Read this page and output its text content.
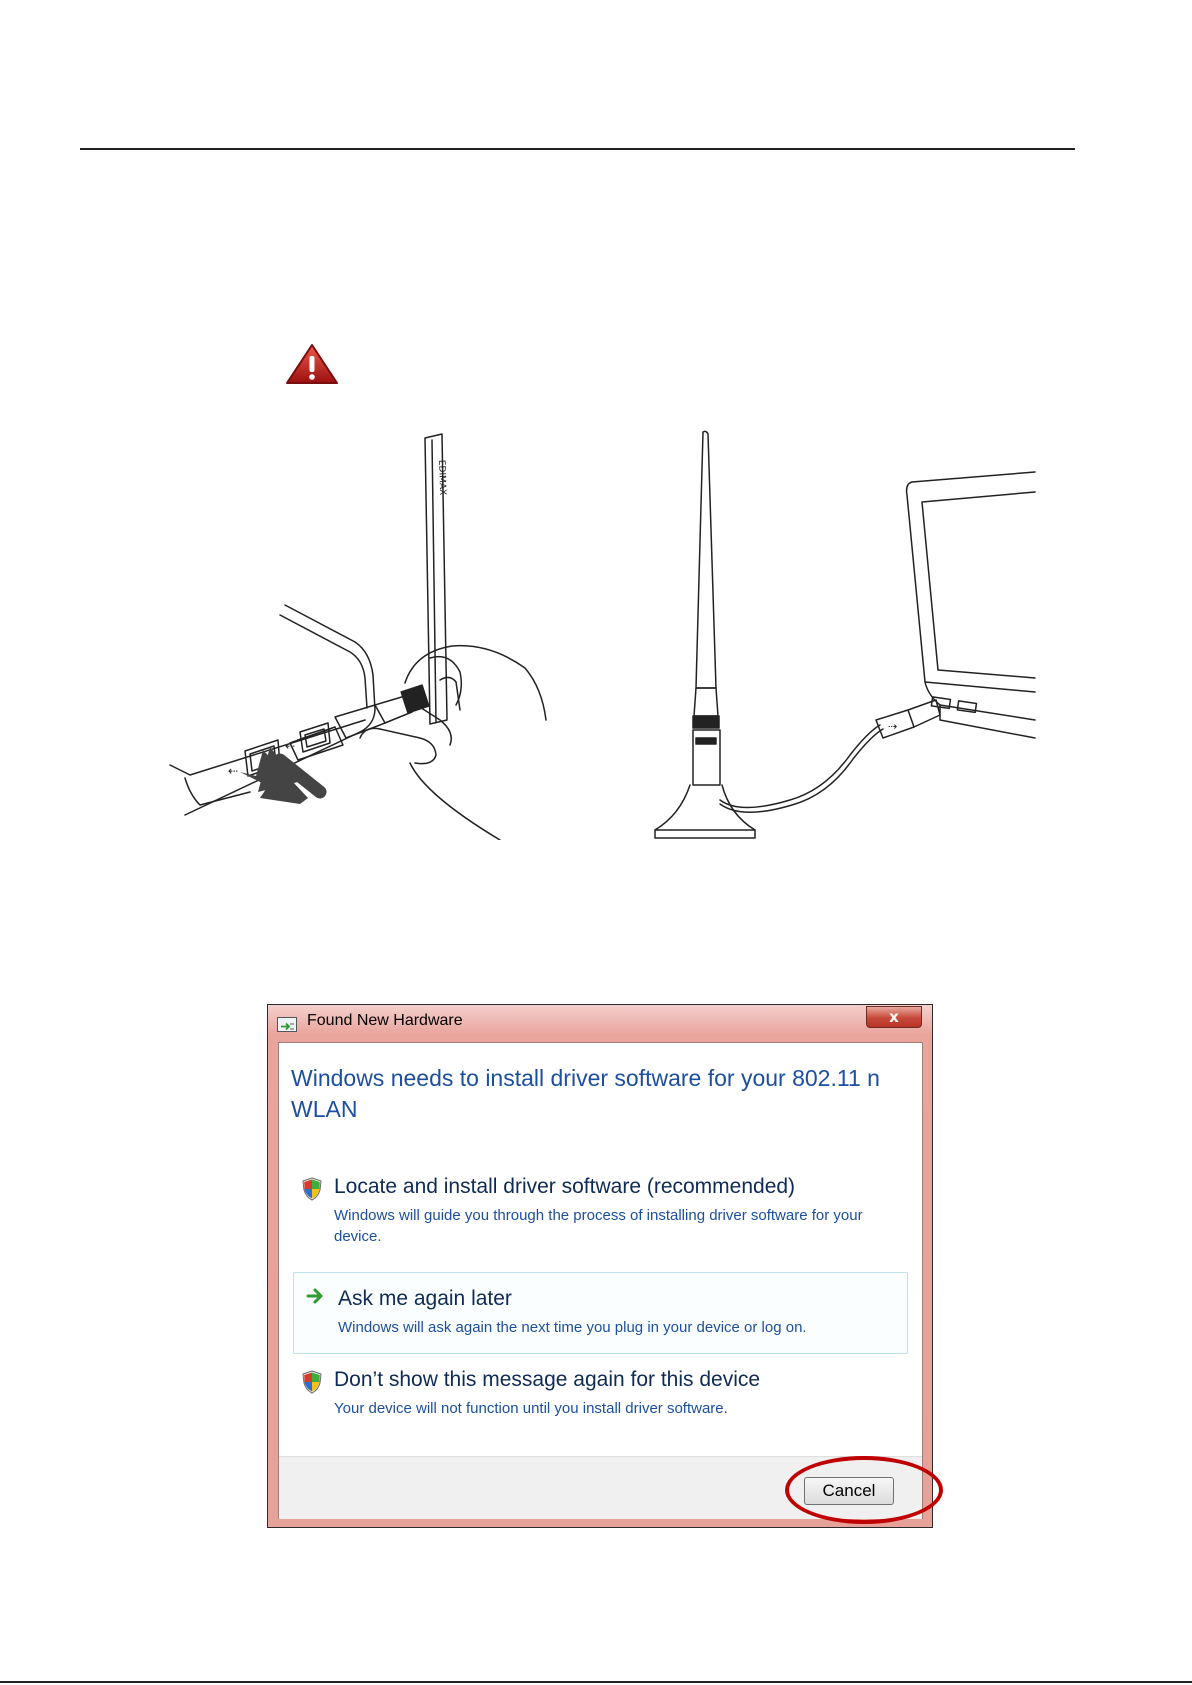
⇠
⇠
EDIMAX
⇢
Found New Hardware	x
Windows needs to install driver software for your 802.11 n WLAN
Locate and install driver software (recommended)
Windows will guide you through the process of installing driver software for your device.
Ask me again later
Windows will ask again the next time you plug in your device or log on.
Don’t show this message again for this device
Your device will not function until you install driver software.
Cancel
